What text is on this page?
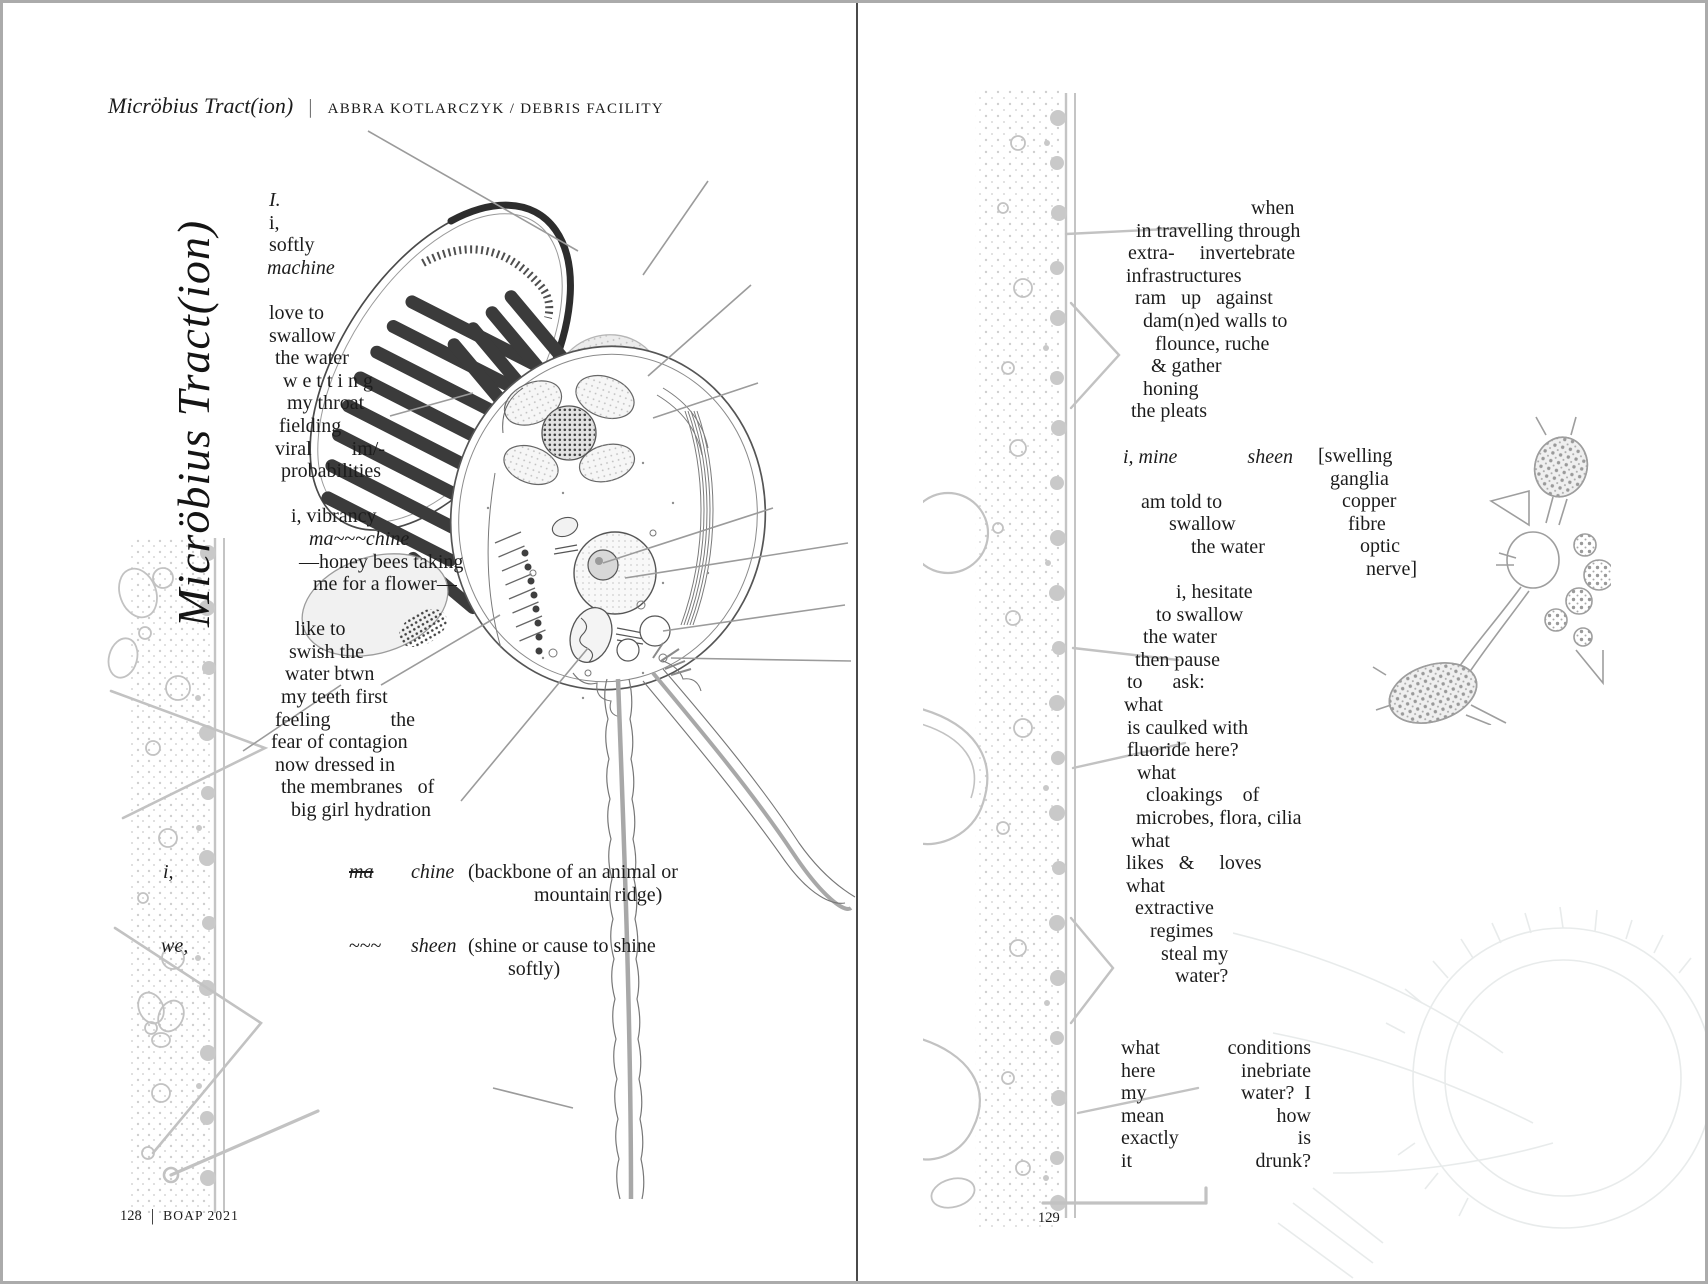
Micröbius Tract(ion) | ABBRA KOTLARCZYK / DEBRIS FACILITY
Micröbius Tract(ion)
I.
i,
softly
machine
love to
swallow
the water
w e t t i n g
my throat
fielding
viral        im/-
probabilities
i, vibrancy
ma~~~chine
—honey bees taking
me for a flower—
like to
swish the
water btwn
my teeth first
feeling            the
fear of contagion
now dressed in
the membranes   of
big girl hydration
i,	ma chine (backbone of an animal or
mountain ridge)
we,	~~~ sheen (shine or cause to shine
softly)
128 | BOAP 2021
when
in travelling through
extra-     invertebrate
infrastructures
ram   up   against
dam(n)ed walls to
flounce, ruche
& gather
honing
the pleats
i, mine              sheen
am told to
swallow
the water
i, hesitate
to swallow
the water
then pause
to      ask:
what
is caulked with
fluoride here?
what
cloakings    of
microbes, flora, cilia
what
likes   &     loves
what
extractive
regimes
steal my
water?
[swelling
ganglia
copper
fibre
optic
nerve]
what	conditions
here	inebriate
my	water?  I
mean	how
exactly	is
it	drunk?
129
